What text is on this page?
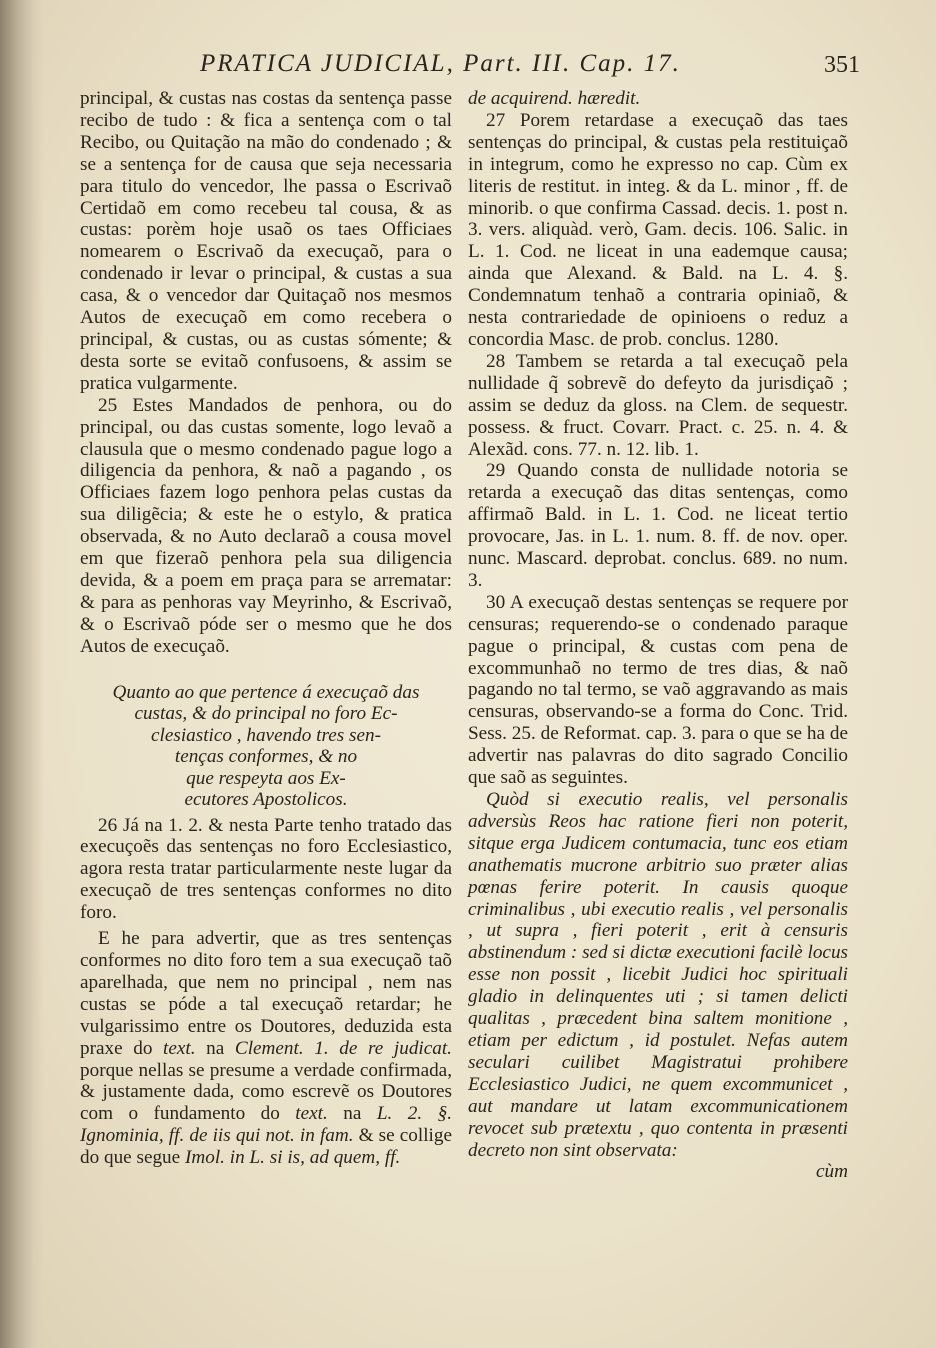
PRATICA JUDICIAL, Part. III. Cap. 17.	351

principal, & custas nas costas da sentença passe recibo de tudo : & fica a sentença com o tal Recibo, ou Quitação na mão do condenado ; & se a sentença for de causa que seja necessaria para titulo do vencedor, lhe passa o Escrivaõ Certidaõ em como recebeu tal cousa, & as custas: porèm hoje usaõ os taes Officiaes nomearem o Escrivaõ da execuçaõ, para o condenado ir levar o principal, & custas a sua casa, & o vencedor dar Quitaçaõ nos mesmos Autos de execuçaõ em como recebera o principal, & custas, ou as custas sómente; & desta sorte se evitaõ confusoens, & assim se pratica vulgarmente.

25 Estes Mandados de penhora, ou do principal, ou das custas somente, logo levaõ a clausula que o mesmo condenado pague logo a diligencia da penhora, & naõ a pagando , os Officiaes fazem logo penhora pelas custas da sua diligẽcia; & este he o estylo, & pratica observada, & no Auto declaraõ a cousa movel em que fizeraõ penhora pela sua diligencia devida, & a poem em praça para se arrematar: & para as penhoras vay Meyrinho, & Escrivaõ, & o Escrivaõ póde ser o mesmo que he dos Autos de execuçaõ.

Quanto ao que pertence á execuçaõ das
custas, & do principal no foro Ec-
clesiastico , havendo tres sen-
tenças conformes, & no
que respeyta aos Ex-
ecutores Apostolicos.

26 Já na 1. 2. & nesta Parte tenho tratado das execuçoẽs das sentenças no foro Ecclesiastico, agora resta tratar particularmente neste lugar da execuçaõ de tres sentenças conformes no dito foro.

E he para advertir, que as tres sentenças conformes no dito foro tem a sua execuçaõ taõ aparelhada, que nem no principal , nem nas custas se póde a tal execuçaõ retardar; he vulgarissimo entre os Doutores, deduzida esta praxe do text. na Clement. 1. de re judicat. porque nellas se presume a verdade confirmada, & justamente dada, como escrevẽ os Doutores com o fundamento do text. na L. 2. §. Ignominia, ff. de iis qui not. in fam. & se collige do que segue Imol. in L. si is, ad quem, ff.

de acquirend. hæredit.

27 Porem retardase a execuçaõ das taes sentenças do principal, & custas pela restituiçaõ in integrum, como he expresso no cap. Cùm ex literis de restitut. in integ. & da L. minor , ff. de minorib. o que confirma Cassad. decis. 1. post n. 3. vers. aliquàd. verò, Gam. decis. 106. Salic. in L. 1. Cod. ne liceat in una eademque causa; ainda que Alexand. & Bald. na L. 4. §. Condemnatum tenhaõ a contraria opiniaõ, & nesta contrariedade de opinioens o reduz a concordia Masc. de prob. conclus. 1280.

28 Tambem se retarda a tal execuçaõ pela nullidade q̃ sobrevẽ do defeyto da jurisdiçaõ ; assim se deduz da gloss. na Clem. de sequestr. possess. & fruct. Covarr. Pract. c. 25. n. 4. & Alexãd. cons. 77. n. 12. lib. 1.

29 Quando consta de nullidade notoria se retarda a execuçaõ das ditas sentenças, como affirmaõ Bald. in L. 1. Cod. ne liceat tertio provocare, Jas. in L. 1. num. 8. ff. de nov. oper. nunc. Mascard. deprobat. conclus. 689. no num. 3.

30 A execuçaõ destas sentenças se requere por censuras; requerendo-se o condenado paraque pague o principal, & custas com pena de excommunhaõ no termo de tres dias, & naõ pagando no tal termo, se vaõ aggravando as mais censuras, observando-se a forma do Conc. Trid. Sess. 25. de Reformat. cap. 3. para o que se ha de advertir nas palavras do dito sagrado Concilio que saõ as seguintes.

Quòd si executio realis, vel personalis adversùs Reos hac ratione fieri non poterit, sitque erga Judicem contumacia, tunc eos etiam anathematis mucrone arbitrio suo præter alias pœnas ferire poterit. In causis quoque criminalibus , ubi executio realis , vel personalis , ut supra , fieri poterit , erit à censuris abstinendum : sed si dictæ executioni facilè locus esse non possit , licebit Judici hoc spirituali gladio in delinquentes uti ; si tamen delicti qualitas , præcedent bina saltem monitione , etiam per edictum , id postulet. Nefas autem seculari cuilibet Magistratui prohibere Ecclesiastico Judici, ne quem excommunicet , aut mandare ut latam excommunicationem revocet sub prætextu , quo contenta in præsenti decreto non sint observata:

cùm
